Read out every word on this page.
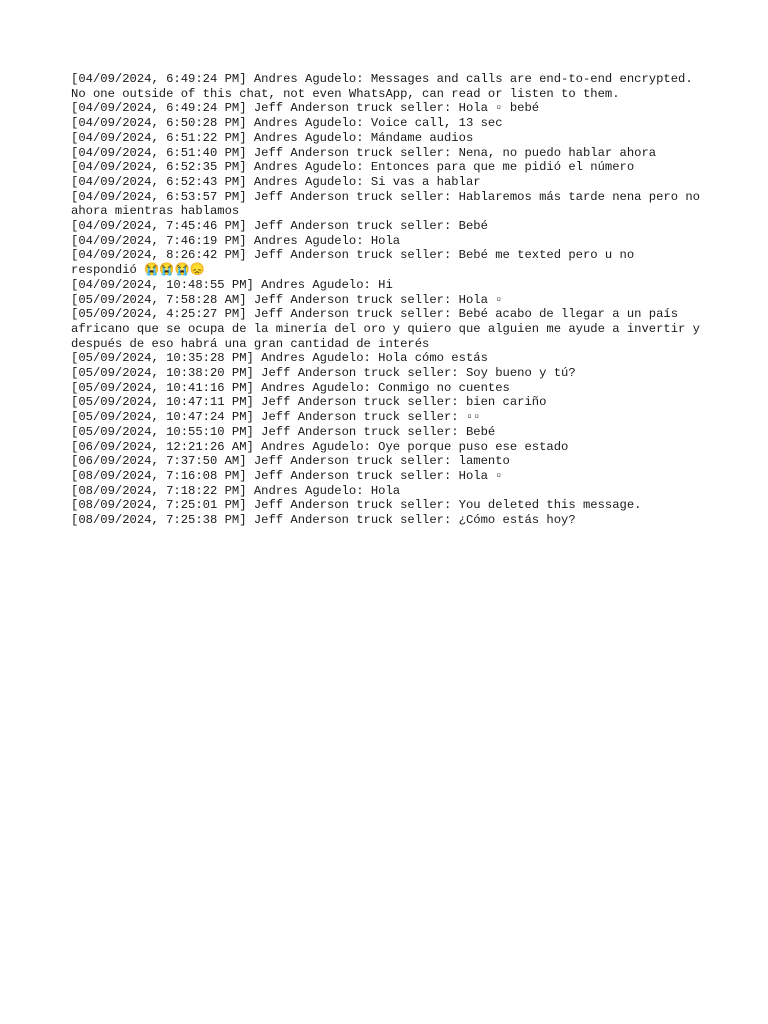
[04/09/2024, 6:49:24 PM] Andres Agudelo: Messages and calls are end-to-end encrypted. No one outside of this chat, not even WhatsApp, can read or listen to them.
[04/09/2024, 6:49:24 PM] Jeff Anderson truck seller: Hola ▫ bebé
[04/09/2024, 6:50:28 PM] Andres Agudelo: Voice call, 13 sec
[04/09/2024, 6:51:22 PM] Andres Agudelo: Mándame audios
[04/09/2024, 6:51:40 PM] Jeff Anderson truck seller: Nena, no puedo hablar ahora
[04/09/2024, 6:52:35 PM] Andres Agudelo: Entonces para que me pidió el número
[04/09/2024, 6:52:43 PM] Andres Agudelo: Si vas a hablar
[04/09/2024, 6:53:57 PM] Jeff Anderson truck seller: Hablaremos más tarde nena pero no ahora mientras hablamos
[04/09/2024, 7:45:46 PM] Jeff Anderson truck seller: Bebé
[04/09/2024, 7:46:19 PM] Andres Agudelo: Hola
[04/09/2024, 8:26:42 PM] Jeff Anderson truck seller: Bebé me texted pero u no respondió 😭😭😭😞
[04/09/2024, 10:48:55 PM] Andres Agudelo: Hi
[05/09/2024, 7:58:28 AM] Jeff Anderson truck seller: Hola ▫
[05/09/2024, 4:25:27 PM] Jeff Anderson truck seller: Bebé acabo de llegar a un país africano que se ocupa de la minería del oro y quiero que alguien me ayude a invertir y después de eso habrá una gran cantidad de interés
[05/09/2024, 10:35:28 PM] Andres Agudelo: Hola cómo estás
[05/09/2024, 10:38:20 PM] Jeff Anderson truck seller: Soy bueno y tú?
[05/09/2024, 10:41:16 PM] Andres Agudelo: Conmigo no cuentes
[05/09/2024, 10:47:11 PM] Jeff Anderson truck seller: bien cariño
[05/09/2024, 10:47:24 PM] Jeff Anderson truck seller: ▫▫
[05/09/2024, 10:55:10 PM] Jeff Anderson truck seller: Bebé
[06/09/2024, 12:21:26 AM] Andres Agudelo: Oye porque puso ese estado
[06/09/2024, 7:37:50 AM] Jeff Anderson truck seller: lamento
[08/09/2024, 7:16:08 PM] Jeff Anderson truck seller: Hola ▫
[08/09/2024, 7:18:22 PM] Andres Agudelo: Hola
[08/09/2024, 7:25:01 PM] Jeff Anderson truck seller: You deleted this message.
[08/09/2024, 7:25:38 PM] Jeff Anderson truck seller: ¿Cómo estás hoy?
